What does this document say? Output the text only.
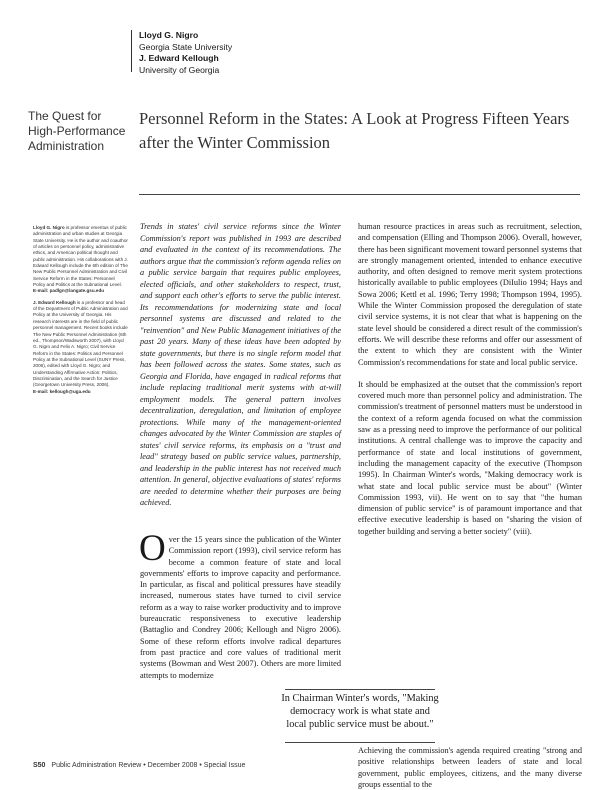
Lloyd G. Nigro
Georgia State University
J. Edward Kellough
University of Georgia
The Quest for High-Performance Administration
Personnel Reform in the States: A Look at Progress Fifteen Years after the Winter Commission

Lloyd G. Nigro is professor emeritus of public administration and urban studies at Georgia State University. He is the author and coauthor of articles on personnel policy, administrative ethics, and American political thought and public administration. His collaborations with J. Edward Kellough include the 6th edition of The New Public Personnel Administration and Civil Service Reform in the States: Personnel Policy and Politics at the Subnational Level.
E-mail: padlgn@langate.gsu.edu

J. Edward Kellough is a professor and head of the Department of Public Administration and Policy at the University of Georgia. His research interests are in the field of public personnel management. Recent books include The New Public Personnel Administration (6th ed., Thompson/Wadsworth 2007), with Lloyd G. Nigro and Felix A. Nigro; Civil Service Reform in the States: Politics and Personnel Policy at the Subnational Level (SUNY Press, 2006), edited with Lloyd G. Nigro; and Understanding Affirmative Action: Politics, Discrimination, and the Search for Justice (Georgetown University Press, 2006).
E-mail: kellough@uga.edu

Trends in states' civil service reforms since the Winter Commission's report was published in 1993 are described and evaluated in the context of its recommendations. The authors argue that the commission's reform agenda relies on a public service bargain that requires public employees, elected officials, and other stakeholders to respect, trust, and support each other's efforts to serve the public interest. Its recommendations for modernizing state and local personnel systems are discussed and related to the "reinvention" and New Public Management initiatives of the past 20 years. Many of these ideas have been adopted by state governments, but there is no single reform model that has been followed across the states. Some states, such as Georgia and Florida, have engaged in radical reforms that include replacing traditional merit systems with at-will employment models. The general pattern involves decentralization, deregulation, and limitation of employee protections. While many of the management-oriented changes advocated by the Winter Commission are staples of states' civil service reforms, its emphasis on a "trust and lead" strategy based on public service values, partnership, and leadership in the public interest has not received much attention. In general, objective evaluations of states' reforms are needed to determine whether their purposes are being achieved.
Over the 15 years since the publication of the Winter Commission report (1993), civil service reform has become a common feature of state and local governments' efforts to improve capacity and performance. In particular, as fiscal and political pressures have steadily increased, numerous states have turned to civil service reform as a way to raise worker productivity and to improve bureaucratic responsiveness to executive leadership (Battaglio and Condrey 2006; Kellough and Nigro 2006). Some of these reform efforts involve radical departures from past practice and core values of traditional merit systems (Bowman and West 2007). Others are more limited attempts to modernize
In Chairman Winter's words, "Making democracy work is what state and local public service must be about."

human resource practices in areas such as recruitment, selection, and compensation (Elling and Thompson 2006). Overall, however, there has been significant movement toward personnel systems that are strongly management oriented, intended to enhance executive authority, and often designed to remove merit system protections historically available to public employees (DiIulio 1994; Hays and Sowa 2006; Kettl et al. 1996; Terry 1998; Thompson 1994, 1995). While the Winter Commission proposed the deregulation of state civil service systems, it is not clear that what is happening on the state level should be considered a direct result of the commission's efforts. We will describe these reforms and offer our assessment of the extent to which they are consistent with the Winter Commission's recommendations for state and local public service.

It should be emphasized at the outset that the commission's report covered much more than personnel policy and administration. The commission's treatment of personnel matters must be understood in the context of a reform agenda focused on what the commission saw as a pressing need to improve the performance of our political institutions. A central challenge was to improve the capacity and performance of state and local institutions of government, including the management capacity of the executive (Thompson 1995). In Chairman Winter's words, "Making democracy work is what state and local public service must be about" (Winter Commission 1993, vii). He went on to say that "the human dimension of public service" is of paramount importance and that effective executive leadership is based on "sharing the vision of together building and serving a better society" (viii).

Achieving the commission's agenda required creating "strong and positive relationships between leaders of state and local government, public employees, citizens, and the many diverse groups essential to the
S50 Public Administration Review • December 2008 • Special Issue
